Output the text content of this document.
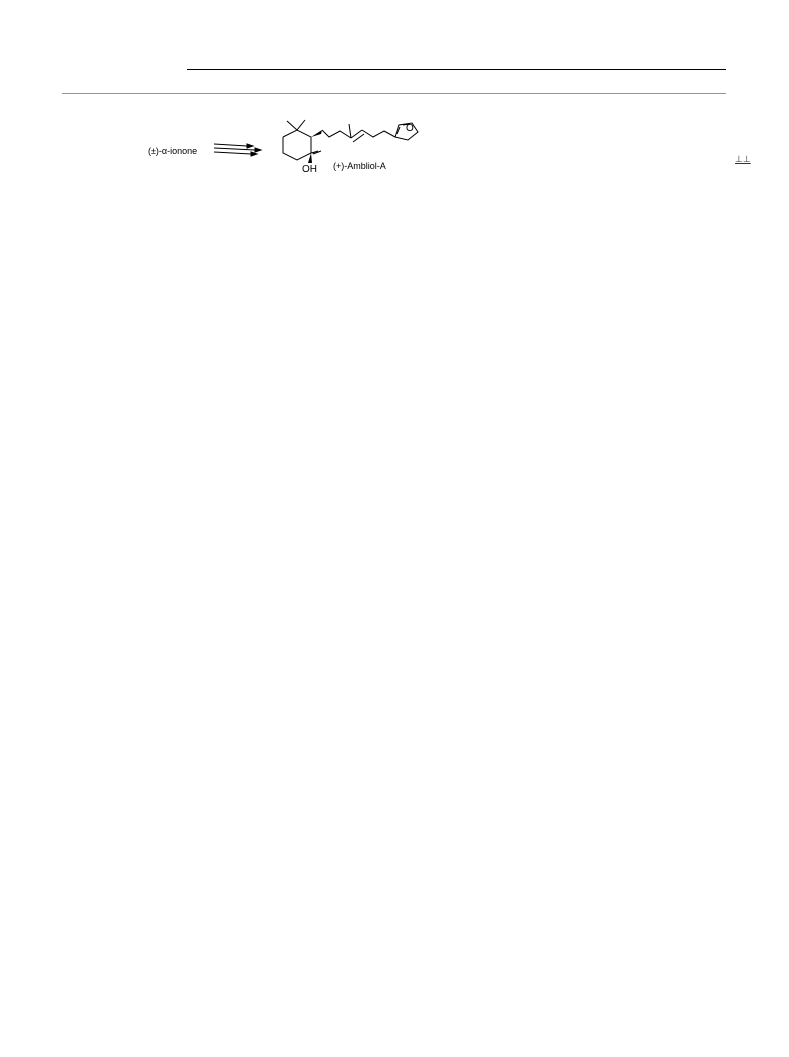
(±)-α-ionone
OH
O
(+)-Ambliol-A
⊥⊥
